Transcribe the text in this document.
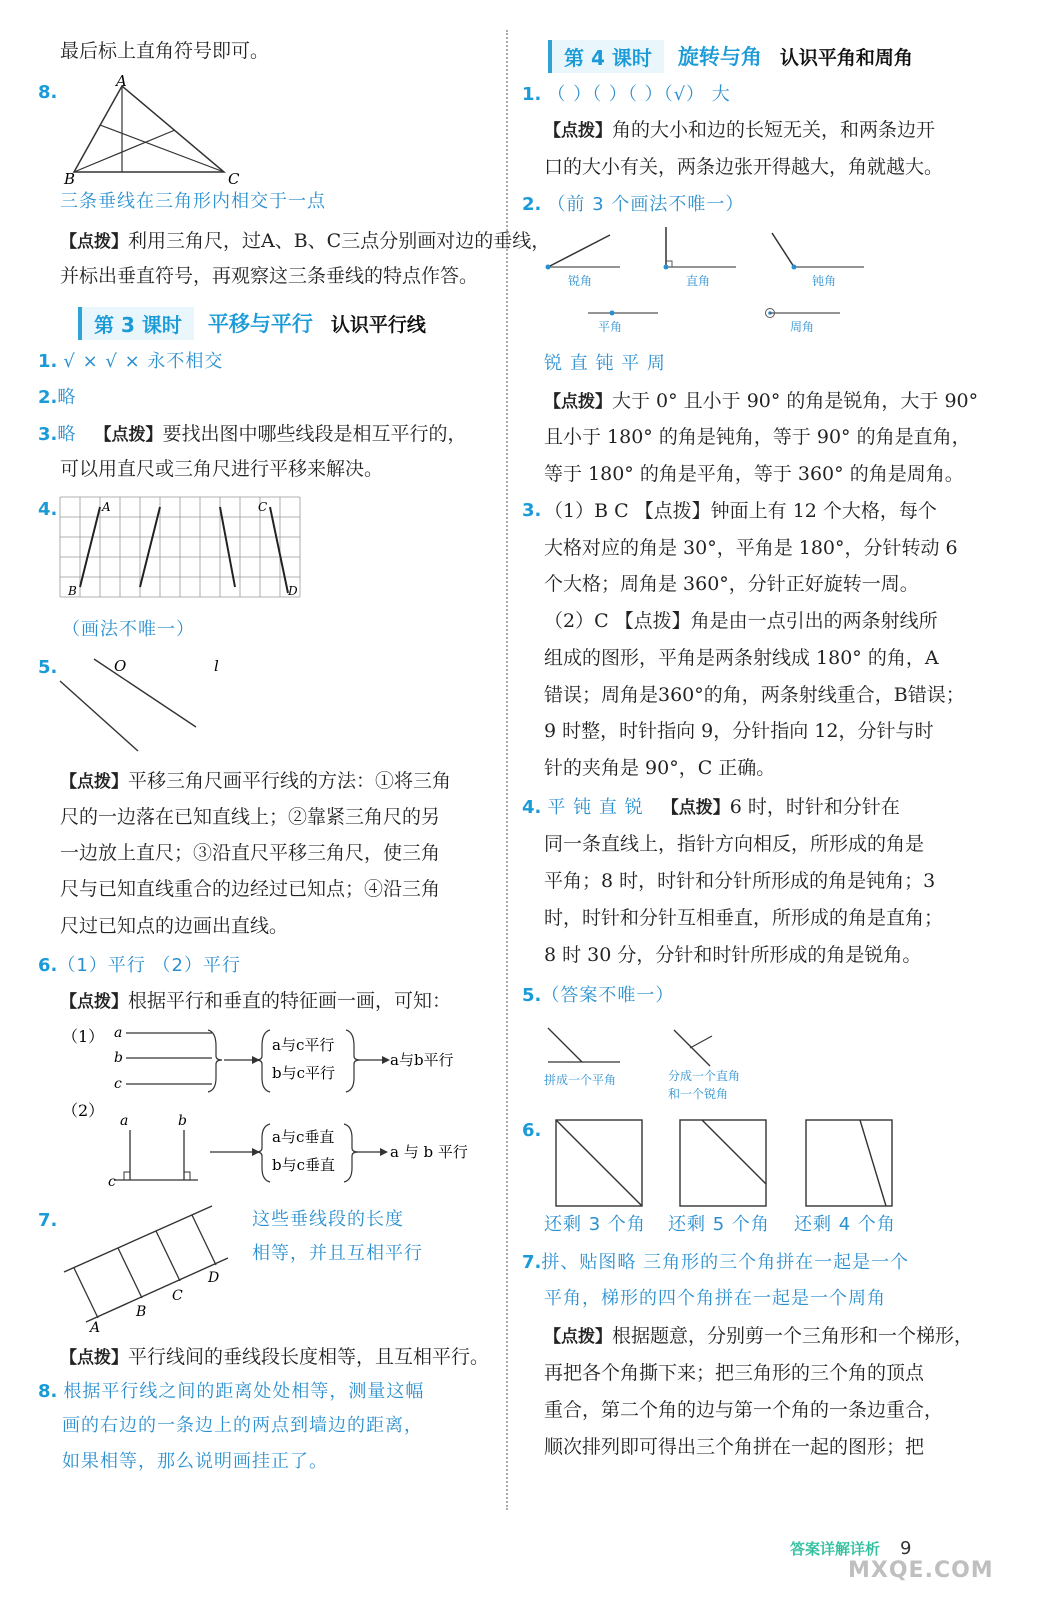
最后标上直角符号即可。
8.
A
B	C
三条垂线在三角形内相交于一点
【点拨】利用三角尺，过A、B、C三点分别画对边的垂线，
并标出垂直符号，再观察这三条垂线的特点作答。
第 3 课时	平移与平行 认识平行线
1. √ × √ × 永不相交
2.略
3.略 【点拨】要找出图中哪些线段是相互平行的，
可以用直尺或三角尺进行平移来解决。
4.	A
B
C
D
（画法不唯一）
5.	O	l
【点拨】平移三角尺画平行线的方法：①将三角
尺的一边落在已知直线上；②靠紧三角尺的另
一边放上直尺；③沿直尺平移三角尺，使三角
尺与已知直线重合的边经过已知点；④沿三角
尺过已知点的边画出直线。
6.（1）平行 （2）平行
【点拨】根据平行和垂直的特征画一画，可知：
（1） a
b
c
a与c平行
b与c平行
a与b平行
（2）
a	b
c
a与c垂直
b与c垂直
a 与 b 平行
7.
A
B
C
D
这些垂线段的长度
相等，并且互相平行
【点拨】平行线间的垂线段长度相等，且互相平行。
8. 根据平行线之间的距离处处相等，测量这幅
画的右边的一条边上的两点到墙边的距离，
如果相等，那么说明画挂正了。
第 4 课时	旋转与角 认识平角和周角
1. （ ）（ ）（ ）（√） 大
【点拨】角的大小和边的长短无关，和两条边开
口的大小有关，两条边张开得越大，角就越大。
2. （前 3 个画法不唯一）
锐角	直角	钝角
平角	周角
锐 直 钝 平 周
【点拨】大于 0° 且小于 90° 的角是锐角，大于 90°
且小于 180° 的角是钝角，等于 90° 的角是直角，
等于 180° 的角是平角，等于 360° 的角是周角。
3. （1）B C 【点拨】钟面上有 12 个大格，每个
大格对应的角是 30°，平角是 180°，分针转动 6
个大格；周角是 360°，分针正好旋转一周。
（2）C 【点拨】角是由一点引出的两条射线所
组成的图形，平角是两条射线成 180° 的角，A
错误；周角是360°的角，两条射线重合，B错误；
9 时整，时针指向 9，分针指向 12，分针与时
针的夹角是 90°，C 正确。
4. 平 钝 直 锐 【点拨】6 时，时针和分针在
同一条直线上，指针方向相反，所形成的角是
平角；8 时，时针和分针所形成的角是钝角；3
时，时针和分针互相垂直，所形成的角是直角；
8 时 30 分，分针和时针所形成的角是锐角。
5.（答案不唯一）
拼成一个平角	分成一个直角
和一个锐角
6.
还剩 3 个角 还剩 5 个角 还剩 4 个角
7.拼、贴图略 三角形的三个角拼在一起是一个
平角，梯形的四个角拼在一起是一个周角
【点拨】根据题意，分别剪一个三角形和一个梯形，
再把各个角撕下来；把三角形的三个角的顶点
重合，第二个角的边与第一个角的一条边重合，
顺次排列即可得出三个角拼在一起的图形；把
答案详解详析 9
MXQE.COM
